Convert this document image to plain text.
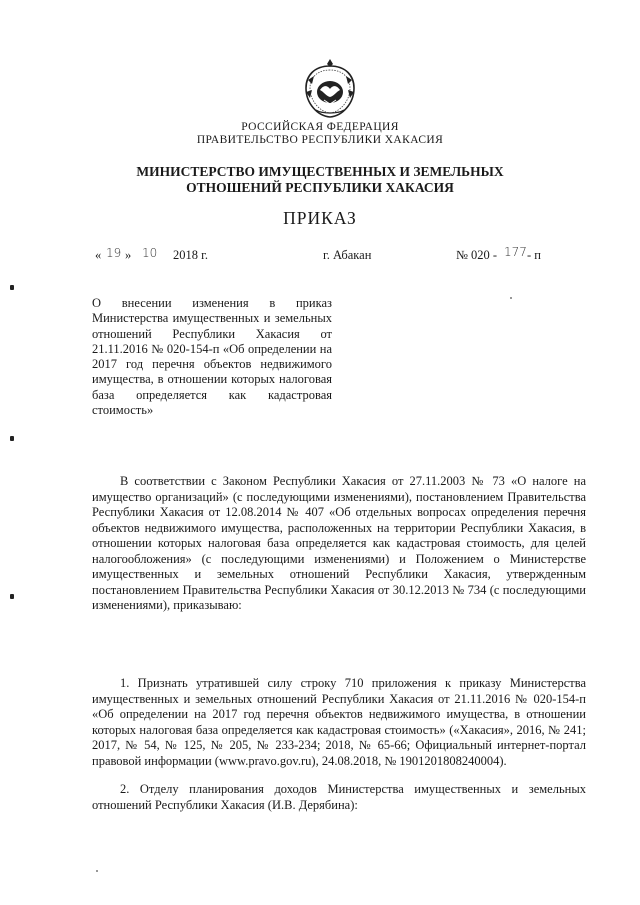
РОССИЙСКАЯ ФЕДЕРАЦИЯ
ПРАВИТЕЛЬСТВО РЕСПУБЛИКИ ХАКАСИЯ
МИНИСТЕРСТВО ИМУЩЕСТВЕННЫХ И ЗЕМЕЛЬНЫХ ОТНОШЕНИЙ РЕСПУБЛИКИ ХАКАСИЯ
ПРИКАЗ
« 19 » 10 2018 г.	г. Абакан	№ 020 - 177 - п
О внесении изменения в приказ Министерства имущественных и земельных отношений Республики Хакасия от 21.11.2016 № 020-154-п «Об определении на 2017 год перечня объектов недвижимого имущества, в отношении которых налоговая база определяется как кадастровая стоимость»
В соответствии с Законом Республики Хакасия от 27.11.2003 № 73 «О налоге на имущество организаций» (с последующими изменениями), постановлением Правительства Республики Хакасия от 12.08.2014 № 407 «Об отдельных вопросах определения перечня объектов недвижимого имущества, расположенных на территории Республики Хакасия, в отношении которых налоговая база определяется как кадастровая стоимость, для целей налогообложения» (с последующими изменениями) и Положением о Министерстве имущественных и земельных отношений Республики Хакасия, утвержденным постановлением Правительства Республики Хакасия от 30.12.2013 № 734 (с последующими изменениями), приказываю:
1. Признать утратившей силу строку 710 приложения к приказу Министерства имущественных и земельных отношений Республики Хакасия от 21.11.2016 № 020-154-п «Об определении на 2017 год перечня объектов недвижимого имущества, в отношении которых налоговая база определяется как кадастровая стоимость» («Хакасия», 2016, № 241; 2017, № 54, № 125, № 205, № 233-234; 2018, № 65-66; Официальный интернет-портал правовой информации (www.pravo.gov.ru), 24.08.2018, № 1901201808240004).
2. Отделу планирования доходов Министерства имущественных и земельных отношений Республики Хакасия (И.В. Дерябина):
